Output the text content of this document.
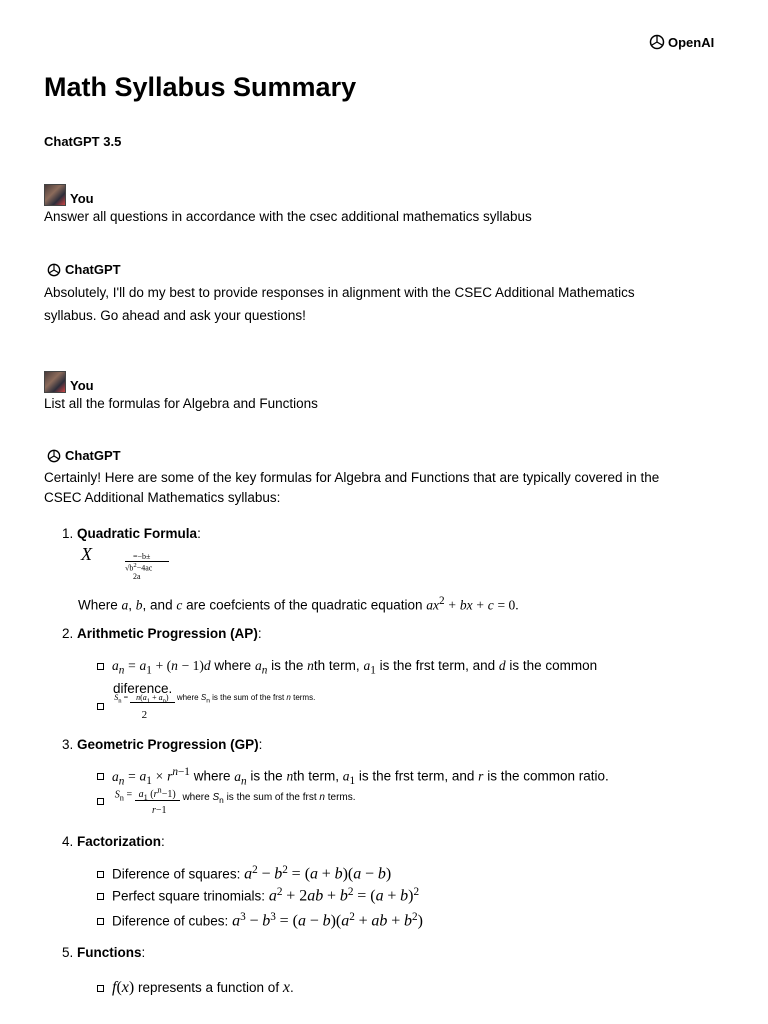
OpenAI
Math Syllabus Summary
ChatGPT 3.5
You
Answer all questions in accordance with the csec additional mathematics syllabus
ChatGPT
Absolutely, I'll do my best to provide responses in alignment with the CSEC Additional Mathematics
syllabus. Go ahead and ask your questions!
You
List all the formulas for Algebra and Functions
ChatGPT
Certainly! Here are some of the key formulas for Algebra and Functions that are typically covered in the
CSEC Additional Mathematics syllabus:
1. Quadratic Formula:
X	=−b±
$√b^2-4ac$
2a
Where a, b, and c are coefcients of the quadratic equation $ax^2$ + bx + c = 0.
2. Arithmetic Progression (AP):
$a_n = a_1 + (n - 1)d$ where $a_n$ is the nth term, $a_1$ is the frst term, and d is the common
diference.

$S_n = n(a_1 + a_n)$
2
where $S_n$ is the sum of the frst n terms.
3. Geometric Progression (GP):
$a_n = a_1 \times r^{n-1}$ where $a_n$ is the nth term, $a_1$ is the frst term, and r is the common ratio.

$S_n = a_1$ $(r^n-1)$
r−1
where $S_n$ is the sum of the frst n terms.
4. Factorization:
Diference of squares: $a^2 - b^2 = (a + b)(a - b)$
Perfect square trinomials: $a^2 + 2ab + b^2 = (a + b)^2$
Diference of cubes: $a^3 - b^3 = (a - b)(a^2$ + ab + $b^2$)
5. Functions:
f(x) represents a function of x.
